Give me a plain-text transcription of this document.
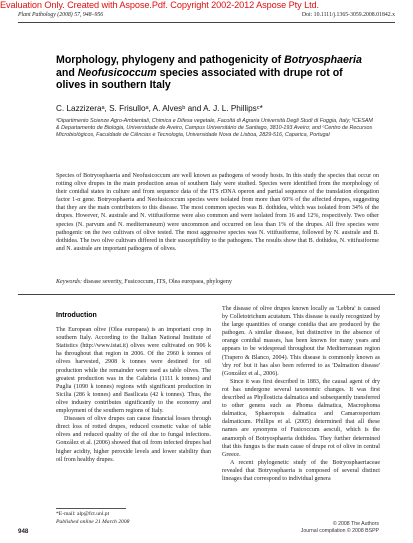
Evaluation Only. Created with Aspose.Pdf. Copyright 2002-2012 Aspose Pty Ltd.
Plant Pathology (2008) 57, 948–956	Doi: 10.1111/j.1365-3059.2008.01842.x
Morphology, phylogeny and pathogenicity of Botryosphaeria and Neofusicoccum species associated with drupe rot of olives in southern Italy
C. Lazzizeraᵃ, S. Frisulloᵃ, A. Alvesᵇ and A. J. L. Phillipsᶜ*
ᵃDipartimento Scienze Agro-Ambientali, Chimica e Difesa vegetale, Facoltà di Agraria Università Degli Studi di Foggia, Italy; ᵇCESAM & Departamento de Biologia, Universidade de Aveiro, Campus Universitário de Santiago, 3810-193 Aveiro; and ᶜCentro de Recursos Microbiológicos, Faculdade de Ciências e Tecnologia, Universidade Nova de Lisboa, 2829-516, Caparica, Portugal
Species of Botryosphaeria and Neofusicoccum are well known as pathogens of woody hosts. In this study the species that occur on rotting olive drupes in the main production areas of southern Italy were studied. Species were identified from the morphology of their conidial states in culture and from sequence data of the ITS rDNA operon and partial sequence of the translation elongation factor 1-α gene. Botryosphaeria and Neofusicoccum species were isolated from more than 60% of the affected drupes, suggesting that they are the main contributors to this disease. The most common species was B. dothidea, which was isolated from 34% of the drupes. However, N. australe and N. vitifusiforme were also common and were isolated from 16 and 12%, respectively. Two other species (N. parvum and N. mediterraneum) were uncommon and occurred on less than 1% of the drupes. All five species were pathogenic on the two cultivars of olive tested. The most aggressive species was N. vitifusiforme, followed by N. australe and B. dothidea. The two olive cultivars differed in their susceptibility to the pathogens. The results show that B. dothidea, N. vitifusiforme and N. australe are important pathogens of olives.
Keywords: disease severity, Fusicoccum, ITS, Olea europaea, phylogeny
Introduction

The European olive (Olea europaea) is an important crop in southern Italy. According to the Italian National Institute of Statistics (http://www.istat.it) olives were cultivated on 906 k ha throughout that region in 2006. Of the 2960 k tonnes of olives harvested, 2908 k tonnes were destined for oil production while the remainder were used as table olives. The greatest production was in the Calabria (1111 k tonnes) and Puglia (1090 k tonnes) regions with significant production in Sicilia (286 k tonnes) and Basilicata (42 k tonnes). Thus, the olive industry contributes significantly to the economy and employment of the southern regions of Italy.

Diseases of olive drupes can cause financial losses through direct loss of rotted drupes, reduced cosmetic value of table olives and reduced quality of the oil due to fungal infections. González et al. (2006) showed that oil from infected drupes had higher acidity, higher peroxide levels and lower stability than oil from healthy drupes.

The disease of olive drupes known locally as 'Lebbra' is caused by Colletotrichum acutatum. This disease is easily recognized by the large quantities of orange conidia that are produced by the pathogen. A similar disease, but distinctive in the absence of orange conidial masses, has been known for many years and appears to be widespread throughout the Mediterranean region (Trapero & Blanco, 2004). This disease is commonly known as 'dry rot' but it has also been referred to as 'Dalmation disease' (González et al., 2006).

Since it was first described in 1883, the causal agent of dry rot has undergone several taxonomic changes. It was first described as Phyllosticta dalmatica and subsequently transferred to other genera such as Phoma dalmatica, Macrophoma dalmatica, Sphaeropsis dalmatica and Camarosporium dalmaticum. Phillips et al. (2005) determined that all these names are synonyms of Fusicoccum aesculi, which is the anamorph of Botryosphaeria dothidea. They further determined that this fungus is the main cause of drupe rot of olive in central Greece.

A recent phylogenetic study of the Botryosphaeriaceae revealed that Botryosphaeria is composed of several distinct lineages that correspond to individual genera

*E-mail: alp@fct.unl.pt
Published online 21 March 2008
948
© 2008 The Authors
Journal compilation © 2008 BSPP
